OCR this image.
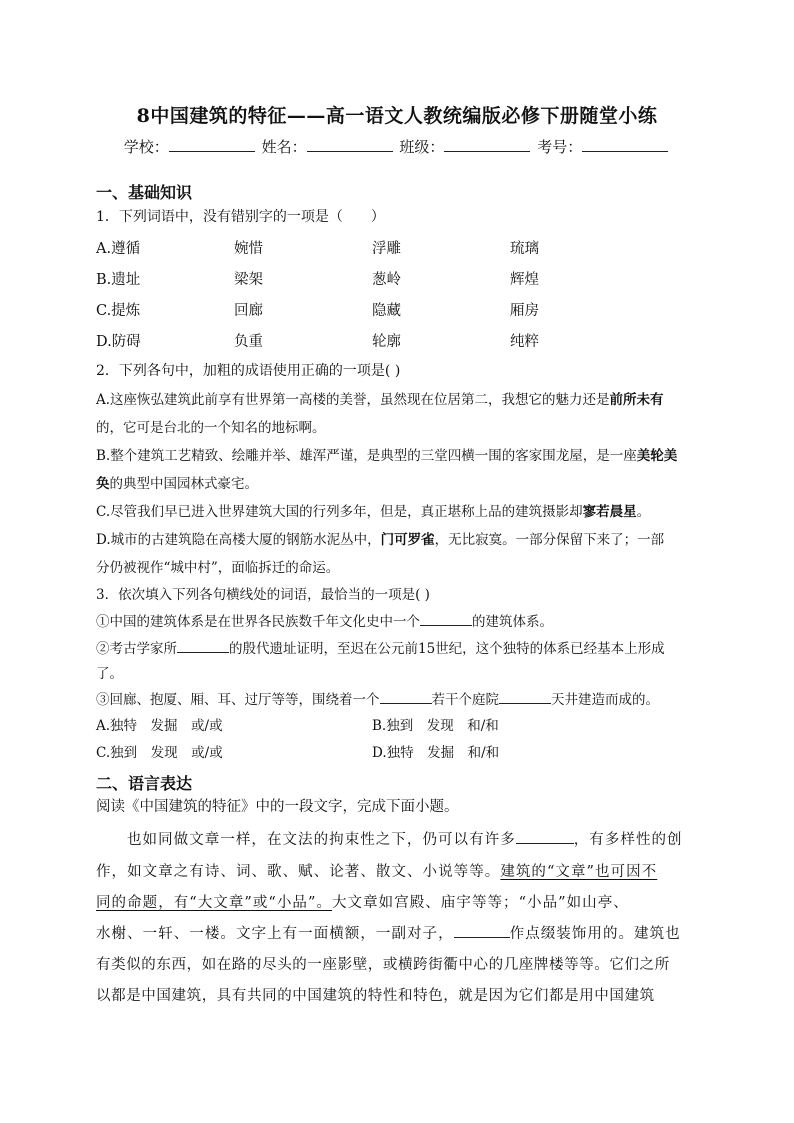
8中国建筑的特征——高一语文人教统编版必修下册随堂小练
学校：	姓名：	班级：	考号：
一、基础知识
1．下列词语中，没有错别字的一项是（　　）
A.遵循	婉惜	浮雕	琉璃
B.遗址	梁架	葱岭	辉煌
C.提炼	回廊	隐藏	厢房
D.防碍	负重	轮廓	纯粹
2．下列各句中，加粗的成语使用正确的一项是( )
A.这座恢弘建筑此前享有世界第一高楼的美誉，虽然现在位居第二，我想它的魅力还是前所未有
的，它可是台北的一个知名的地标啊。
B.整个建筑工艺精致、绘雕并举、雄浑严谨，是典型的三堂四横一围的客家围龙屋，是一座美轮美
奂的典型中国园林式豪宅。
C.尽管我们早已进入世界建筑大国的行列多年，但是，真正堪称上品的建筑摄影却寥若晨星。
D.城市的古建筑隐在高楼大厦的钢筋水泥丛中，门可罗雀，无比寂寞。一部分保留下来了；一部
分仍被视作“城中村”，面临拆迁的命运。
3．依次填入下列各句横线处的词语，最恰当的一项是( )
①中国的建筑体系是在世界各民族数千年文化史中一个	的建筑体系。
②考古学家所	的殷代遗址证明，至迟在公元前15世纪，这个独特的体系已经基本上形成
了。
③回廊、抱厦、厢、耳、过厅等等，围绕着一个	若干个庭院	天井建造而成的。
A.独特　发掘　或/或	B.独到　发现　和/和
C.独到　发现　或/或	D.独特　发掘　和/和
二、语言表达
阅读《中国建筑的特征》中的一段文字，完成下面小题。
也如同做文章一样，在文法的拘束性之下，仍可以有许多	，有多样性的创
作，如文章之有诗、词、歌、赋、论著、散文、小说等等。建筑的“文章”也可因不
同的命题，有“大文章”或“小品”。大文章如宫殿、庙宇等等；“小品”如山亭、
水榭、一轩、一楼。文字上有一面横额，一副对子，	作点缀装饰用的。建筑也
有类似的东西，如在路的尽头的一座影壁，或横跨街衢中心的几座牌楼等等。它们之所
以都是中国建筑，具有共同的中国建筑的特性和特色，就是因为它们都是用中国建筑
